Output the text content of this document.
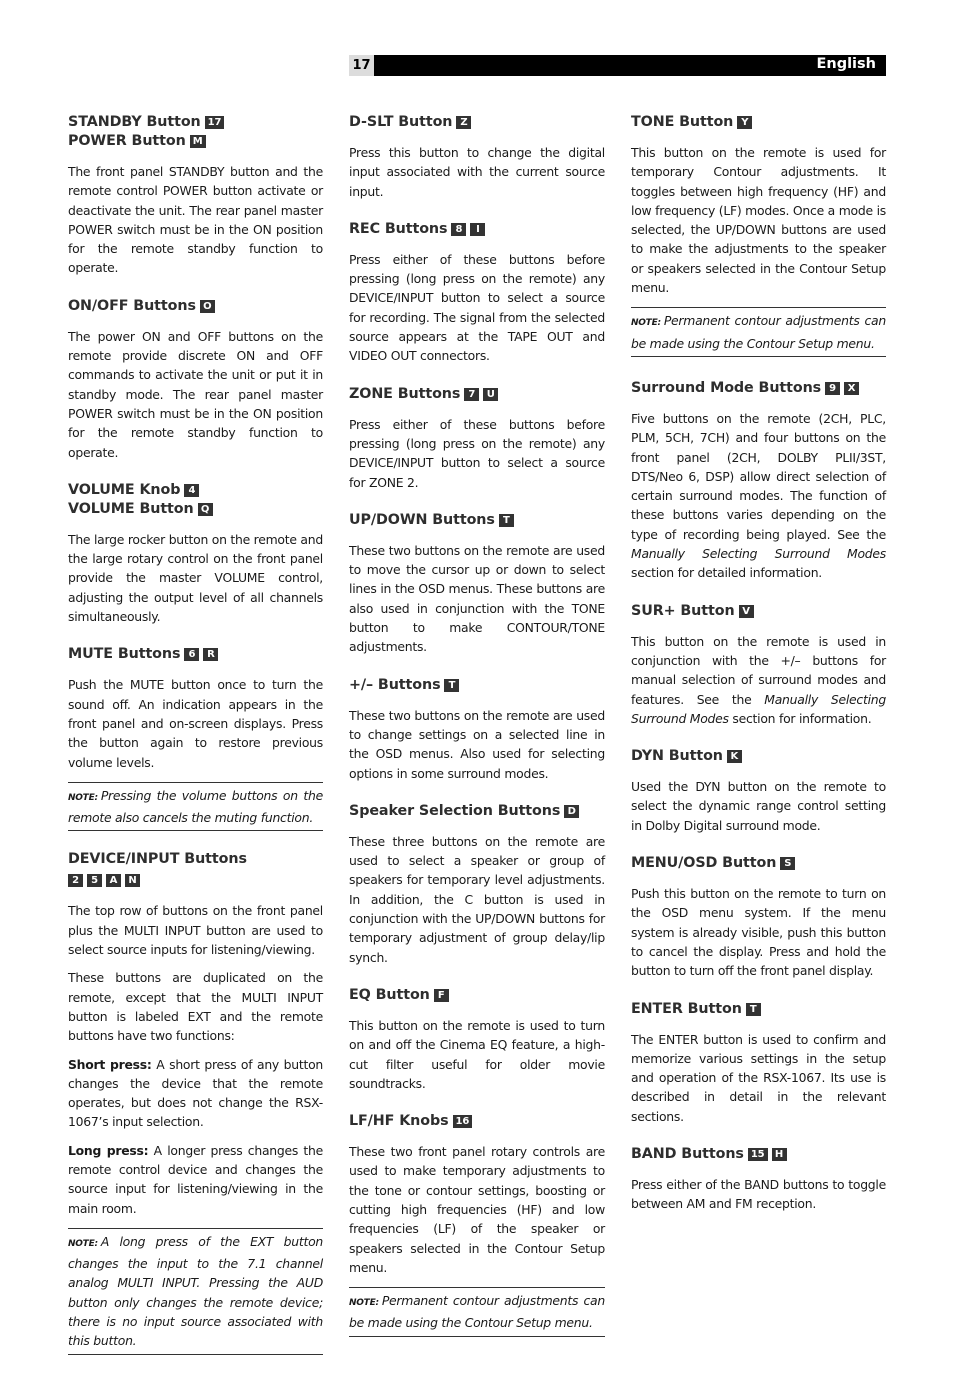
17	English
STANDBY Button 17
POWER Button M

The front panel STANDBY button and the remote control POWER button activate or deactivate the unit. The rear panel master POWER switch must be in the ON position for the remote standby function to operate.

ON/OFF Buttons O

The power ON and OFF buttons on the remote provide discrete ON and OFF commands to activate the unit or put it in standby mode. The rear panel master POWER switch must be in the ON position for the remote standby function to operate.

VOLUME Knob 4
VOLUME Button Q

The large rocker button on the remote and the large rotary control on the front panel provide the master VOLUME control, adjusting the output level of all channels simultaneously.

MUTE Buttons 6 R

Push the MUTE button once to turn the sound off. An indication appears in the front panel and on-screen displays. Press the button again to restore previous volume levels.

NOTE: Pressing the volume buttons on the remote also cancels the muting function.
DEVICE/INPUT Buttons
2 5 A N

The top row of buttons on the front panel plus the MULTI INPUT button are used to select source inputs for listening/viewing.

These buttons are duplicated on the remote, except that the MULTI INPUT button is labeled EXT and the remote buttons have two functions:

Short press: A short press of any button changes the device that the remote operates, but does not change the RSX-1067’s input selection.

Long press: A longer press changes the remote control device and changes the source input for listening/viewing in the main room.

NOTE: A long press of the EXT button changes the input to the 7.1 channel analog MULTI INPUT. Pressing the AUD button only changes the remote device; there is no input source associated with this button.
D-SLT Button Z

Press this button to change the digital input associated with the current source input.

REC Buttons 8 I

Press either of these buttons before pressing (long press on the remote) any DEVICE/INPUT button to select a source for recording. The signal from the selected source appears at the TAPE OUT and VIDEO OUT connectors.

ZONE Buttons 7 U

Press either of these buttons before pressing (long press on the remote) any DEVICE/INPUT button to select a source for ZONE 2.

UP/DOWN Buttons T

These two buttons on the remote are used to move the cursor up or down to select lines in the OSD menus. These buttons are also used in conjunction with the TONE button to make CONTOUR/TONE adjustments.

+/– Buttons T

These two buttons on the remote are used to change settings on a selected line in the OSD menus. Also used for selecting options in some surround modes.

Speaker Selection Buttons D

These three buttons on the remote are used to select a speaker or group of speakers for temporary level adjustments. In addition, the C button is used in conjunction with the UP/DOWN buttons for temporary adjustment of group delay/lip synch.

EQ Button F

This button on the remote is used to turn on and off the Cinema EQ feature, a high-cut filter useful for older movie soundtracks.

LF/HF Knobs 16

These two front panel rotary controls are used to make temporary adjustments to the tone or contour settings, boosting or cutting high frequencies (HF) and low frequencies (LF) of the speaker or speakers selected in the Contour Setup menu.

NOTE: Permanent contour adjustments can be made using the Contour Setup menu.
TONE Button Y

This button on the remote is used for temporary Contour adjustments. It toggles between high frequency (HF) and low frequency (LF) modes. Once a mode is selected, the UP/DOWN buttons are used to make the adjustments to the speaker or speakers selected in the Contour Setup menu.

NOTE: Permanent contour adjustments can be made using the Contour Setup menu.
Surround Mode Buttons 9 X

Five buttons on the remote (2CH, PLC, PLM, 5CH, 7CH) and four buttons on the front panel (2CH, DOLBY PLII/3ST, DTS/Neo 6, DSP) allow direct selection of certain surround modes. The function of these buttons varies depending on the type of recording being played. See the Manually Selecting Surround Modes section for detailed information.

SUR+ Button V

This button on the remote is used in conjunction with the +/– buttons for manual selection of surround modes and features. See the Manually Selecting Surround Modes section for information.

DYN Button K

Used the DYN button on the remote to select the dynamic range control setting in Dolby Digital surround mode.

MENU/OSD Button S

Push this button on the remote to turn on the OSD menu system. If the menu system is already visible, push this button to cancel the display. Press and hold the button to turn off the front panel display.

ENTER Button T

The ENTER button is used to confirm and memorize various settings in the setup and operation of the RSX-1067. Its use is described in detail in the relevant sections.

BAND Buttons 15 H

Press either of the BAND buttons to toggle between AM and FM reception.
